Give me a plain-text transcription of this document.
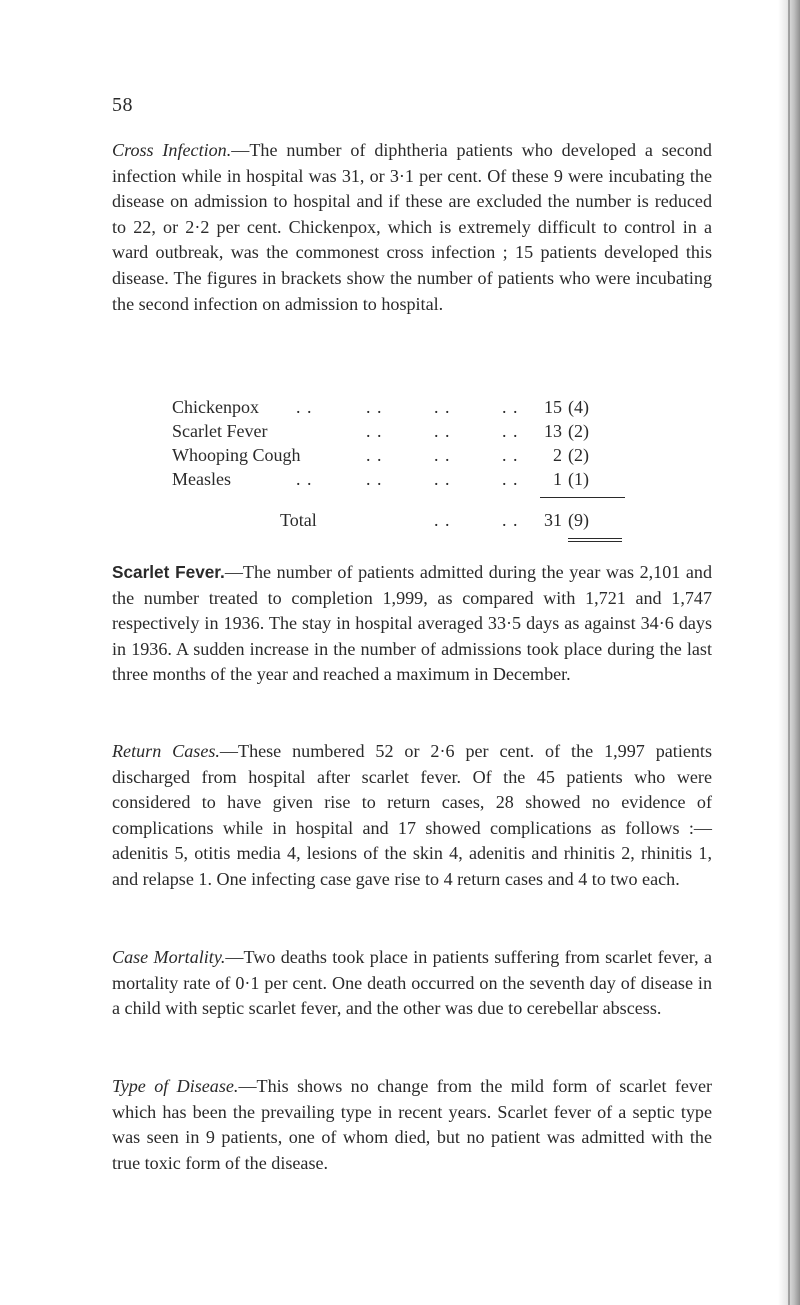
58

Cross Infection.—The number of diphtheria patients who developed a second infection while in hospital was 31, or 3·1 per cent. Of these 9 were incubating the disease on admission to hospital and if these are excluded the number is reduced to 22, or 2·2 per cent. Chickenpox, which is extremely difficult to control in a ward outbreak, was the commonest cross infection ; 15 patients developed this disease. The figures in brackets show the number of patients who were incubating the second infection on admission to hospital.

Chickenpox . .	. .	. .	. . 15 (4)
Scarlet Fever	. .	. .	. . 13 (2)
Whooping Cough	. .	. .	. . 2 (2)
Measles	. .	. .	. .	. . 1 (1)
Total	. .	. . 31 (9)

Scarlet Fever.—The number of patients admitted during the year was 2,101 and the number treated to completion 1,999, as compared with 1,721 and 1,747 respectively in 1936. The stay in hospital averaged 33·5 days as against 34·6 days in 1936. A sudden increase in the number of admissions took place during the last three months of the year and reached a maximum in December.

Return Cases.—These numbered 52 or 2·6 per cent. of the 1,997 patients discharged from hospital after scarlet fever. Of the 45 patients who were considered to have given rise to return cases, 28 showed no evidence of complications while in hospital and 17 showed complications as follows :—adenitis 5, otitis media 4, lesions of the skin 4, adenitis and rhinitis 2, rhinitis 1, and relapse 1. One infecting case gave rise to 4 return cases and 4 to two each.

Case Mortality.—Two deaths took place in patients suffering from scarlet fever, a mortality rate of 0·1 per cent. One death occurred on the seventh day of disease in a child with septic scarlet fever, and the other was due to cerebellar abscess.

Type of Disease.—This shows no change from the mild form of scarlet fever which has been the prevailing type in recent years. Scarlet fever of a septic type was seen in 9 patients, one of whom died, but no patient was admitted with the true toxic form of the disease.
